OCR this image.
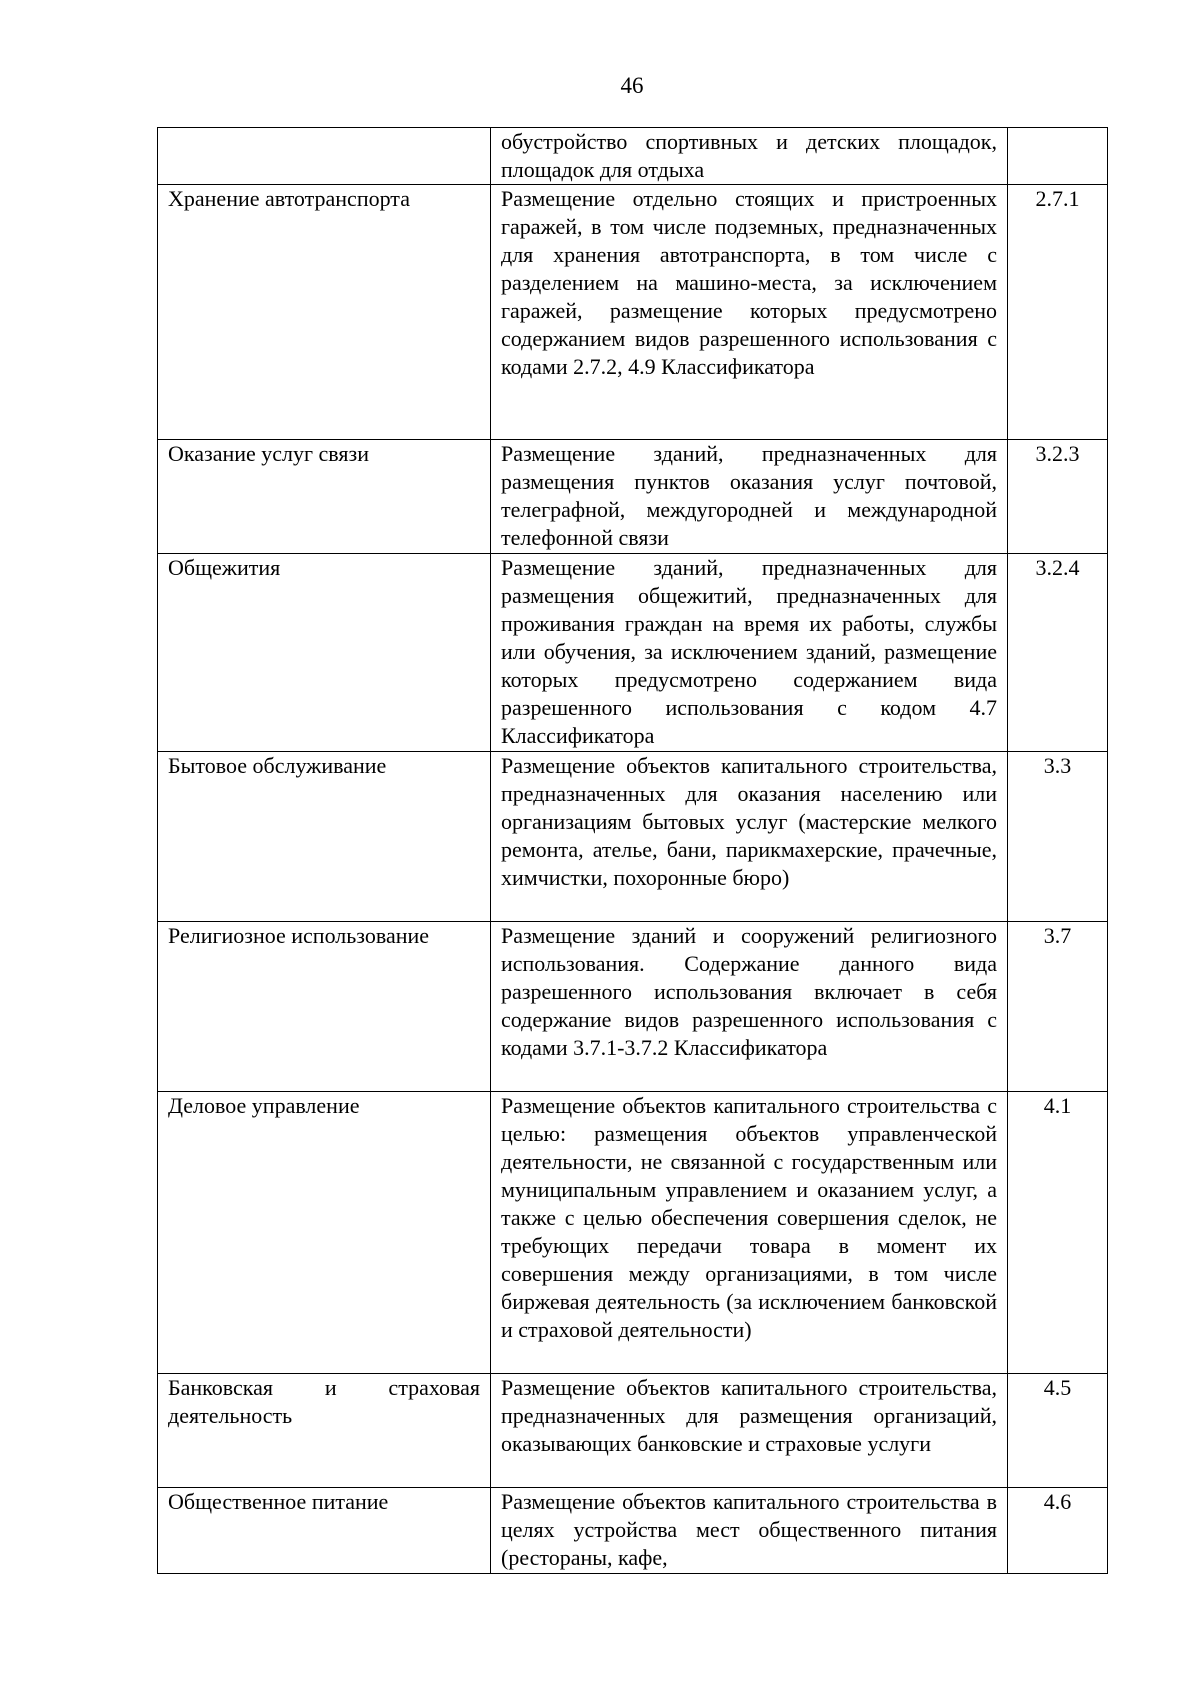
46
	обустройство спортивных и детских площадок, площадок для отдыха	
Хранение автотранспорта	Размещение отдельно стоящих и пристроенных гаражей, в том числе подземных, предназначенных для хранения автотранспорта, в том числе с разделением на машино-места, за исключением гаражей, размещение которых предусмотрено содержанием видов разрешенного использования с кодами 2.7.2, 4.9 Классификатора	2.7.1
Оказание услуг связи	Размещение зданий, предназначенных для размещения пунктов оказания услуг почтовой, телеграфной, междугородней и международной телефонной связи	3.2.3
Общежития	Размещение зданий, предназначенных для размещения общежитий, предназначенных для проживания граждан на время их работы, службы или обучения, за исключением зданий, размещение которых предусмотрено содержанием вида разрешенного использования с кодом 4.7 Классификатора	3.2.4
Бытовое обслуживание	Размещение объектов капитального строительства, предназначенных для оказания населению или организациям бытовых услуг (мастерские мелкого ремонта, ателье, бани, парикмахерские, прачечные, химчистки, похоронные бюро)	3.3
Религиозное использование	Размещение зданий и сооружений религиозного использования. Содержание данного вида разрешенного использования включает в себя содержание видов разрешенного использования с кодами 3.7.1-3.7.2 Классификатора	3.7
Деловое управление	Размещение объектов капитального строительства с целью: размещения объектов управленческой деятельности, не связанной с государственным или муниципальным управлением и оказанием услуг, а также с целью обеспечения совершения сделок, не требующих передачи товара в момент их совершения между организациями, в том числе биржевая деятельность (за исключением банковской и страховой деятельности)	4.1
Банковская и страховая деятельность	Размещение объектов капитального строительства, предназначенных для размещения организаций, оказывающих банковские и страховые услуги	4.5
Общественное питание	Размещение объектов капитального строительства в целях устройства мест общественного питания (рестораны, кафе,	4.6
